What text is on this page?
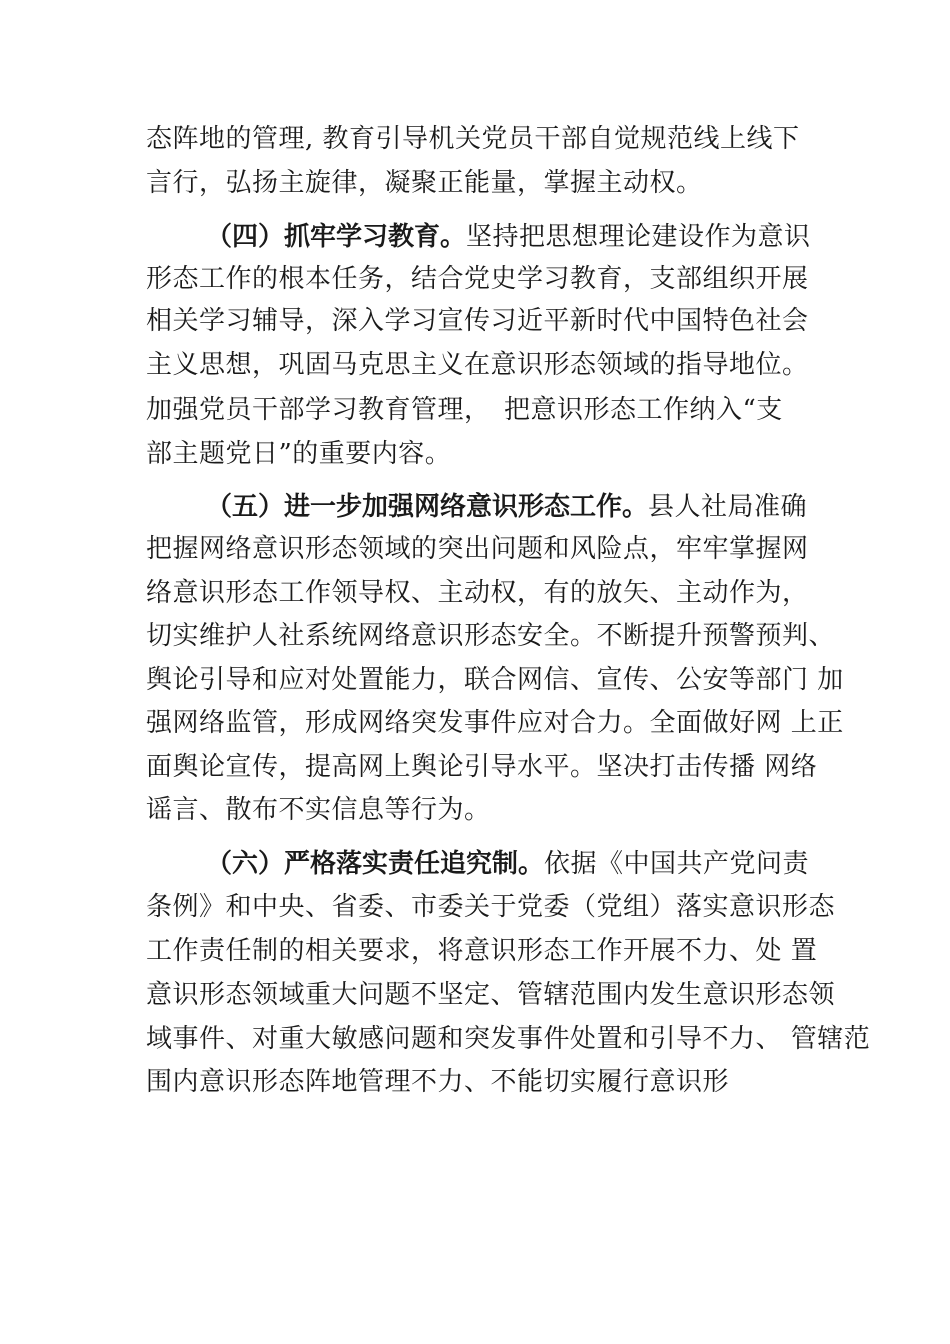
态阵地的管理, 教育引导机关党员干部自觉规范线上线下
言行，弘扬主旋律，凝聚正能量，掌握主动权。
（四）抓牢学习教育。坚持把思想理论建设作为意识
形态工作的根本任务，结合党史学习教育，支部组织开展
相关学习辅导，深入学习宣传习近平新时代中国特色社会
主义思想，巩固马克思主义在意识形态领域的指导地位。
加强党员干部学习教育管理，　把意识形态工作纳入“支
部主题党日”的重要内容。
（五）进一步加强网络意识形态工作。县人社局准确
把握网络意识形态领域的突出问题和风险点，牢牢掌握网
络意识形态工作领导权、主动权，有的放矢、主动作为，
切实维护人社系统网络意识形态安全。不断提升预警预判、
舆论引导和应对处置能力，联合网信、宣传、公安等部门 加
强网络监管，形成网络突发事件应对合力。全面做好网 上正
面舆论宣传，提高网上舆论引导水平。坚决打击传播 网络
谣言、散布不实信息等行为。
（六）严格落实责任追究制。依据《中国共产党问责
条例》和中央、省委、市委关于党委（党组）落实意识形态
工作责任制的相关要求，将意识形态工作开展不力、处 置
意识形态领域重大问题不坚定、管辖范围内发生意识形态领
域事件、对重大敏感问题和突发事件处置和引导不力、 管辖范
围内意识形态阵地管理不力、不能切实履行意识形
